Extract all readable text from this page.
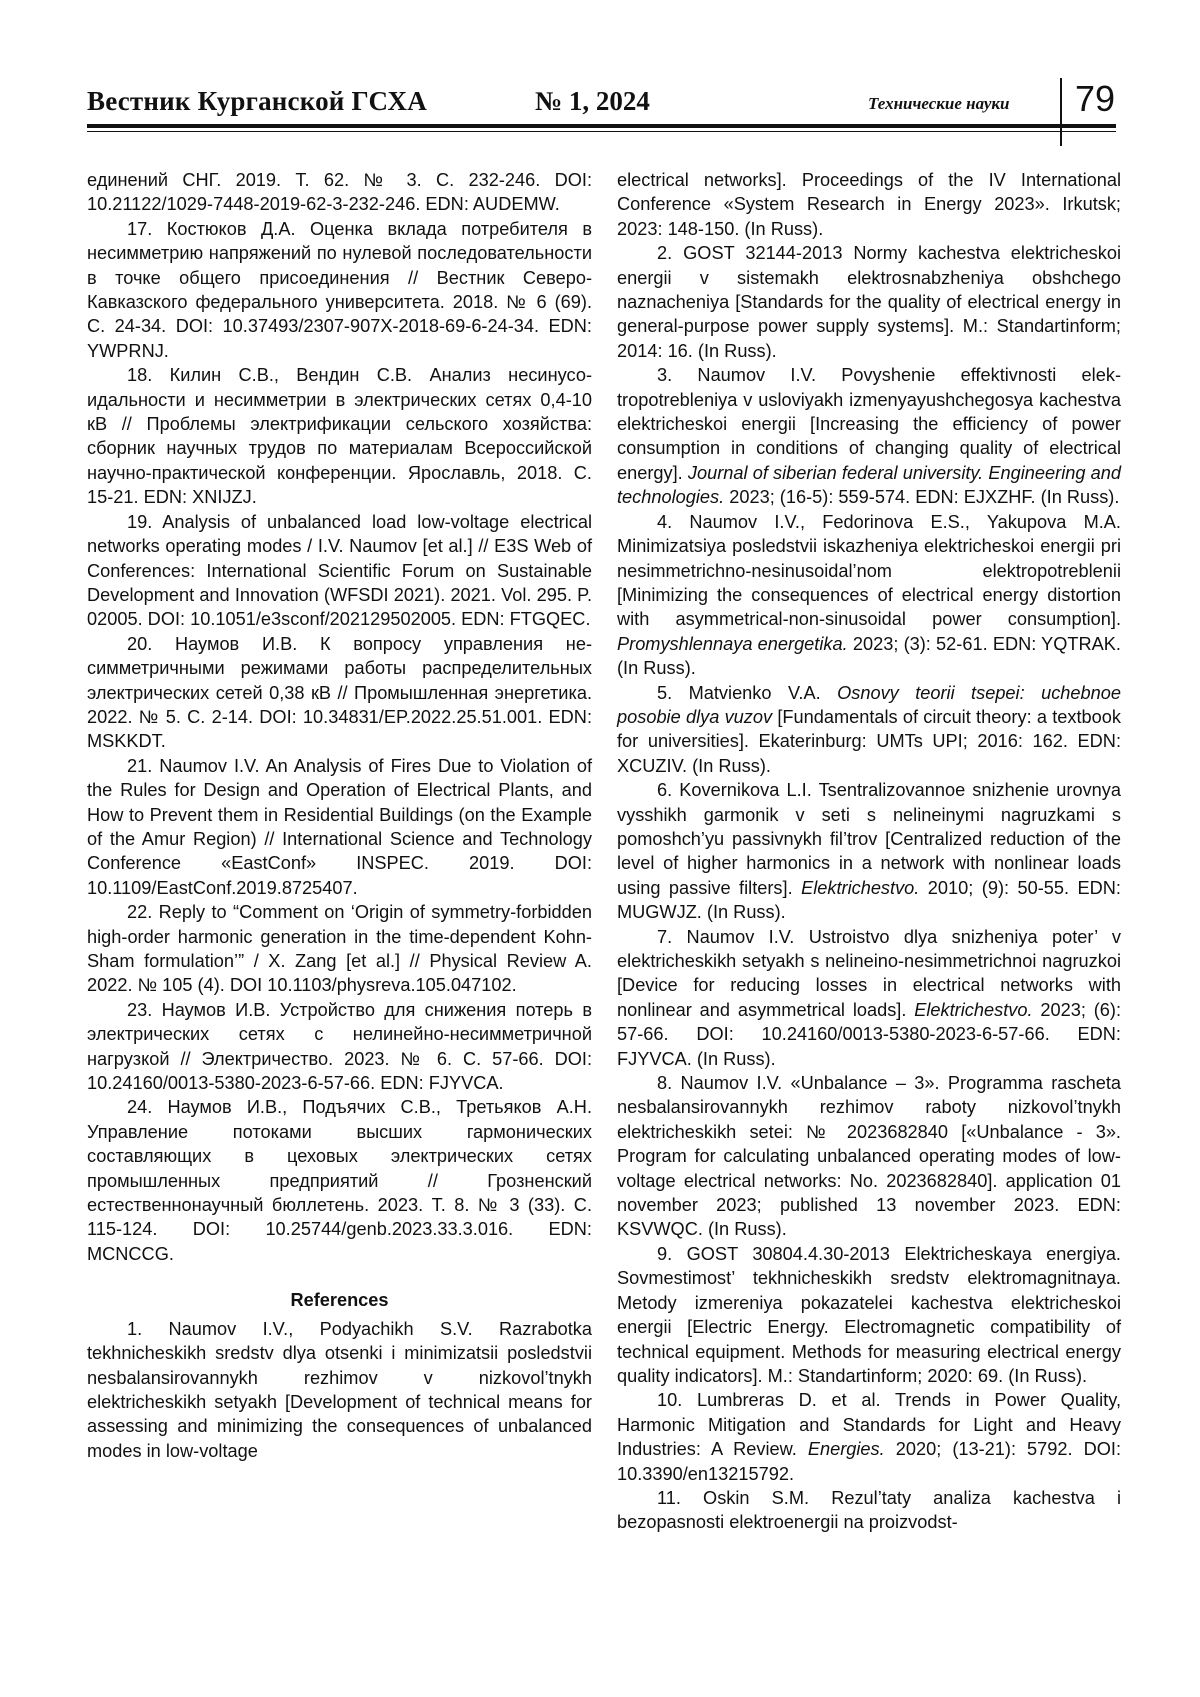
Вестник Курганской ГСХА	№ 1, 2024	Технические науки 79

единений СНГ. 2019. Т. 62. № 3. С. 232-246. DOI: 10.21122/1029-7448-2019-62-3-232-246. EDN: AUDEMW.

17. Костюков Д.А. Оценка вклада потребителя в несимметрию напряжений по нулевой последовательности в точке общего присоединения // Вестник Северо-Кавказского федерального университета. 2018. № 6 (69). С. 24-34. DOI: 10.37493/2307-907X-2018-69-6-24-34. EDN: YWPRNJ.

18. Килин С.В., Вендин С.В. Анализ несинусоидальности и несимметрии в электрических сетях 0,4-10 кВ // Проблемы электрификации сельского хозяйства: сборник научных трудов по материалам Всероссийской научно-практической конференции. Ярославль, 2018. С. 15-21. EDN: XNIJZJ.

19. Analysis of unbalanced load low-voltage electrical networks operating modes / I.V. Naumov [et al.] // E3S Web of Conferences: International Scientific Forum on Sustainable Development and Innovation (WFSDI 2021). 2021. Vol. 295. P. 02005. DOI: 10.1051/e3sconf/202129502005. EDN: FTGQEC.

20. Наумов И.В. К вопросу управления несимметричными режимами работы распределительных электрических сетей 0,38 кВ // Промышленная энергетика. 2022. № 5. С. 2-14. DOI: 10.34831/EP.2022.25.51.001. EDN: MSKKDT.

21. Naumov I.V. An Analysis of Fires Due to Violation of the Rules for Design and Operation of Electrical Plants, and How to Prevent them in Residential Buildings (on the Example of the Amur Region) // International Science and Technology Conference «EastConf» INSPEC. 2019. DOI: 10.1109/EastConf.2019.8725407.

22. Reply to “Comment on ‘Origin of symmetry-forbidden high-order harmonic generation in the time-dependent Kohn-Sham formulation’” / X. Zang [et al.] // Physical Review A. 2022. № 105 (4). DOI 10.1103/physreva.105.047102.

23. Наумов И.В. Устройство для снижения потерь в электрических сетях с нелинейно-несимметричной нагрузкой // Электричество. 2023. № 6. С. 57-66. DOI: 10.24160/0013-5380-2023-6-57-66. EDN: FJYVCA.

24. Наумов И.В., Подъячих С.В., Третьяков А.Н. Управление потоками высших гармонических составляющих в цеховых электрических сетях промышленных предприятий // Грозненский естественнонаучный бюллетень. 2023. Т. 8. № 3 (33). С. 115-124. DOI: 10.25744/genb.2023.33.3.016. EDN: MCNCCG.

References

1. Naumov I.V., Podyachikh S.V. Razrabotka tekhnicheskikh sredstv dlya otsenki i minimizatsii posledstvii nesbalansirovannykh rezhimov v nizkovol’tnykh elektricheskikh setyakh [Development of technical means for assessing and minimizing the consequences of unbalanced modes in low-voltage

electrical networks]. Proceedings of the IV International Conference «System Research in Energy 2023». Irkutsk; 2023: 148-150. (In Russ).

2. GOST 32144-2013 Normy kachestva elektricheskoi energii v sistemakh elektrosnabzheniya obshchego naznacheniya [Standards for the quality of electrical energy in general-purpose power supply systems]. M.: Standartinform; 2014: 16. (In Russ).

3. Naumov I.V. Povyshenie effektivnosti elektropotrebleniya v usloviyakh izmenyayushchegosya kachestva elektricheskoi energii [Increasing the efficiency of power consumption in conditions of changing quality of electrical energy]. Journal of siberian federal university. Engineering and technologies. 2023; (16-5): 559-574. EDN: EJXZHF. (In Russ).

4. Naumov I.V., Fedorinova E.S., Yakupova M.A. Minimizatsiya posledstvii iskazheniya elektricheskoi energii pri nesimmetrichno-nesinusoidal’nom elektropotreblenii [Minimizing the consequences of electrical energy distortion with asymmetrical-non-sinusoidal power consumption]. Promyshlennaya energetika. 2023; (3): 52-61. EDN: YQTRAK. (In Russ).

5. Matvienko V.A. Osnovy teorii tsepei: uchebnoe posobie dlya vuzov [Fundamentals of circuit theory: a textbook for universities]. Ekaterinburg: UMTs UPI; 2016: 162. EDN: XCUZIV. (In Russ).

6. Kovernikova L.I. Tsentralizovannoe snizhenie urovnya vysshikh garmonik v seti s nelineinymi nagruzkami s pomoshch’yu passivnykh fil’trov [Centralized reduction of the level of higher harmonics in a network with nonlinear loads using passive filters]. Elektrichestvo. 2010; (9): 50-55. EDN: MUGWJZ. (In Russ).

7. Naumov I.V. Ustroistvo dlya snizheniya poter’ v elektricheskikh setyakh s nelineino-nesimmetrichnoi nagruzkoi [Device for reducing losses in electrical networks with nonlinear and asymmetrical loads]. Elektrichestvo. 2023; (6): 57-66. DOI: 10.24160/0013-5380-2023-6-57-66. EDN: FJYVCA. (In Russ).

8. Naumov I.V. «Unbalance – 3». Programma rascheta nesbalansirovannykh rezhimov raboty nizkovol’tnykh elektricheskikh setei: № 2023682840 [«Unbalance - 3». Program for calculating unbalanced operating modes of low-voltage electrical networks: No. 2023682840]. application 01 november 2023; published 13 november 2023. EDN: KSVWQC. (In Russ).

9. GOST 30804.4.30-2013 Elektricheskaya energiya. Sovmestimost’ tekhnicheskikh sredstv elektromagnitnaya. Metody izmereniya pokazatelei kachestva elektricheskoi energii [Electric Energy. Electromagnetic compatibility of technical equipment. Methods for measuring electrical energy quality indicators]. M.: Standartinform; 2020: 69. (In Russ).

10. Lumbreras D. et al. Trends in Power Quality, Harmonic Mitigation and Standards for Light and Heavy Industries: A Review. Energies. 2020; (13-21): 5792. DOI: 10.3390/en13215792.

11. Oskin S.M. Rezul’taty analiza kachestva i bezopasnosti elektroenergii na proizvodst-
